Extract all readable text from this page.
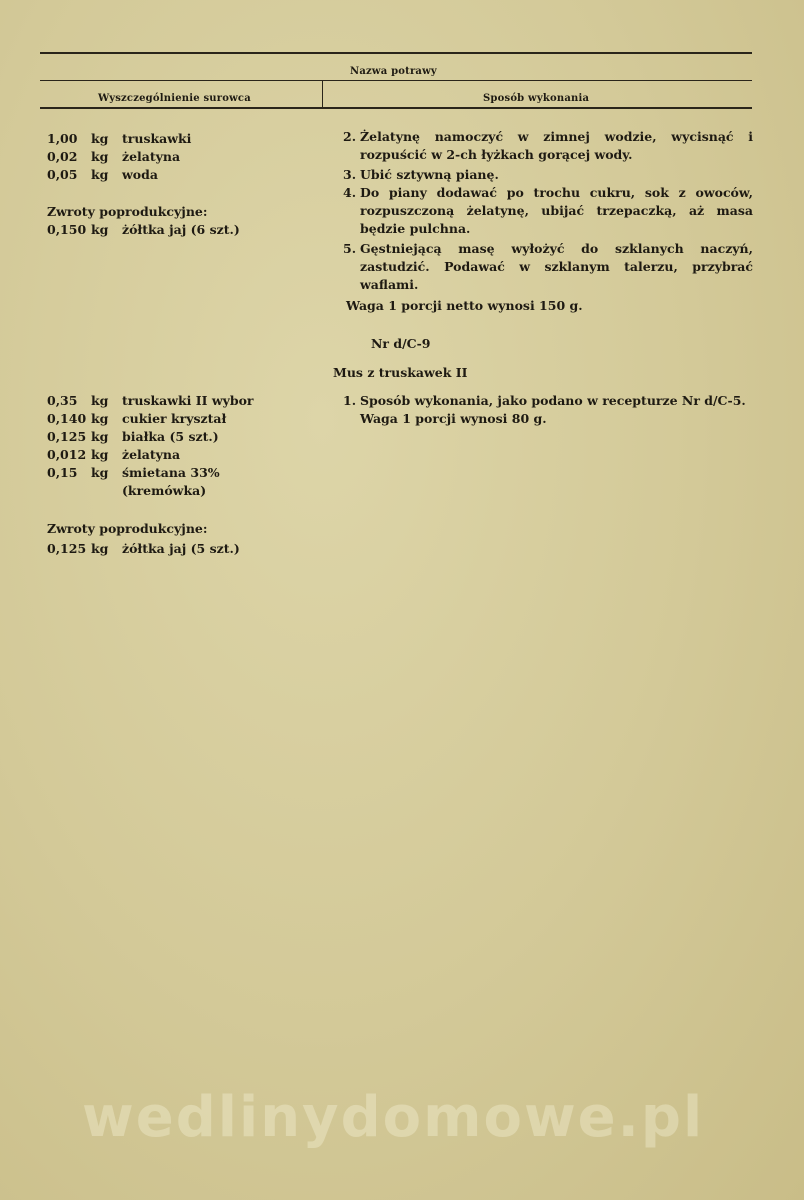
Nazwa potrawy
Wyszczególnienie surowca	Sposób wykonania
1,00	kg truskawki
0,02	kg żelatyna
0,05	kg woda
Zwroty poprodukcyjne:
0,150 kg żółtka jaj (6 szt.)
2. Żelatynę namoczyć w zimnej wodzie, wycisnąć i rozpuścić w 2-ch łyżkach gorącej wody.
3. Ubić sztywną pianę.
4. Do piany dodawać po trochu cukru, sok z owoców, rozpuszczoną żelatynę, ubijać trzepaczką, aż masa będzie pulchna.
5. Gęstniejącą masę wyłożyć do szklanych naczyń, zastudzić. Podawać w szklanym talerzu, przybrać waflami.
Waga 1 porcji netto wynosi 150 g.
Nr d/C-9
Mus z truskawek II
0,35	kg truskawki II wybor
0,140 kg cukier kryształ
0,125 kg białka (5 szt.)
0,012 kg żelatyna
0,15	kg śmietana 33%
(kremówka)
Zwroty poprodukcyjne:
0,125 kg żółtka jaj (5 szt.)
1. Sposób wykonania, jako podano w recepturze Nr d/C-5.
Waga 1 porcji wynosi 80 g.
wedlinydomowe.pl
